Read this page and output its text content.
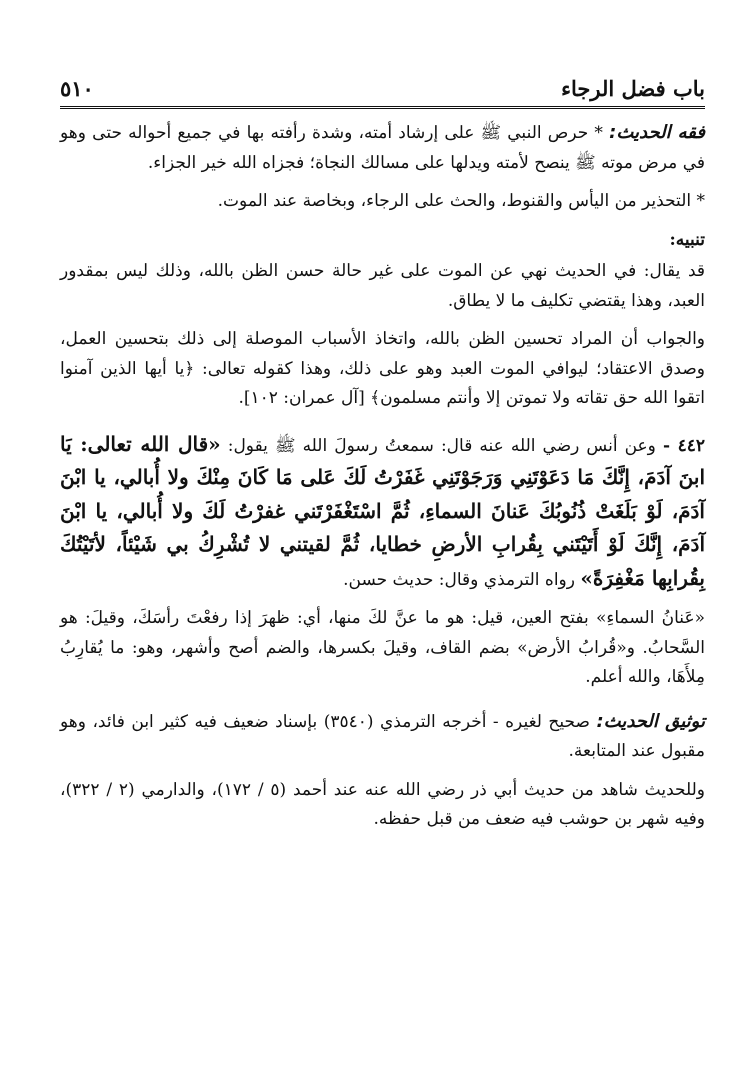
باب فضل الرجاء
٥١٠

فقه الحديث: * حرص النبي ﷺ على إرشاد أمته، وشدة رأفته بها في جميع أحواله حتى وهو في مرض موته ﷺ ينصح لأمته ويدلها على مسالك النجاة؛ فجزاه الله خير الجزاء.

* التحذير من اليأس والقنوط، والحث على الرجاء، وبخاصة عند الموت.

تنبيه:

قد يقال: في الحديث نهي عن الموت على غير حالة حسن الظن بالله، وذلك ليس بمقدور العبد، وهذا يقتضي تكليف ما لا يطاق.

والجواب أن المراد تحسين الظن بالله، واتخاذ الأسباب الموصلة إلى ذلك بتحسين العمل، وصدق الاعتقاد؛ ليوافي الموت العبد وهو على ذلك، وهذا كقوله تعالى: ﴿يا أيها الذين آمنوا اتقوا الله حق تقاته ولا تموتن إلا وأنتم مسلمون﴾ [آل عمران: ١٠٢].

٤٤٢ - وعن أنس رضي الله عنه قال: سمعتُ رسولَ الله ﷺ يقول: «قال الله تعالى: يَا ابنَ آدَمَ، إِنَّكَ مَا دَعَوْتَنِي وَرَجَوْتَنِي غَفَرْتُ لَكَ عَلى مَا كَانَ مِنْكَ ولا أُبالي، يا ابْنَ آدَمَ، لَوْ بَلَغَتْ ذُنُوبُكَ عَنانَ السماءِ، ثُمَّ اسْتَغْفَرْتَني غفرْتُ لَكَ ولا أُبالي، يا ابْنَ آدَمَ، إِنَّكَ لَوْ أَتَيْتَني بِقُرابِ الأرضِ خطايا، ثُمَّ لقيتني لا تُشْرِكُ بي شَيْئاً، لأتَيْتُكَ بِقُرابِها مَغْفِرَةً» رواه الترمذي وقال: حديث حسن.

«عَنانُ السماءِ» بفتح العين، قيل: هو ما عنَّ لكَ منها، أي: ظهرَ إذا رفعْتَ رأسَكَ، وقيلَ: هو السَّحابُ. و«قُرابُ الأرض» بضم القاف، وقيلَ بكسرها، والضم أصح وأشهر، وهو: ما يُقارِبُ مِلأَهَا، والله أعلم.

توثيق الحديث: صحيح لغيره - أخرجه الترمذي (٣٥٤٠) بإسناد ضعيف فيه كثير ابن فائد، وهو مقبول عند المتابعة.

وللحديث شاهد من حديث أبي ذر رضي الله عنه عند أحمد (٥ / ١٧٢)، والدارمي (٢ / ٣٢٢)، وفيه شهر بن حوشب فيه ضعف من قبل حفظه.
